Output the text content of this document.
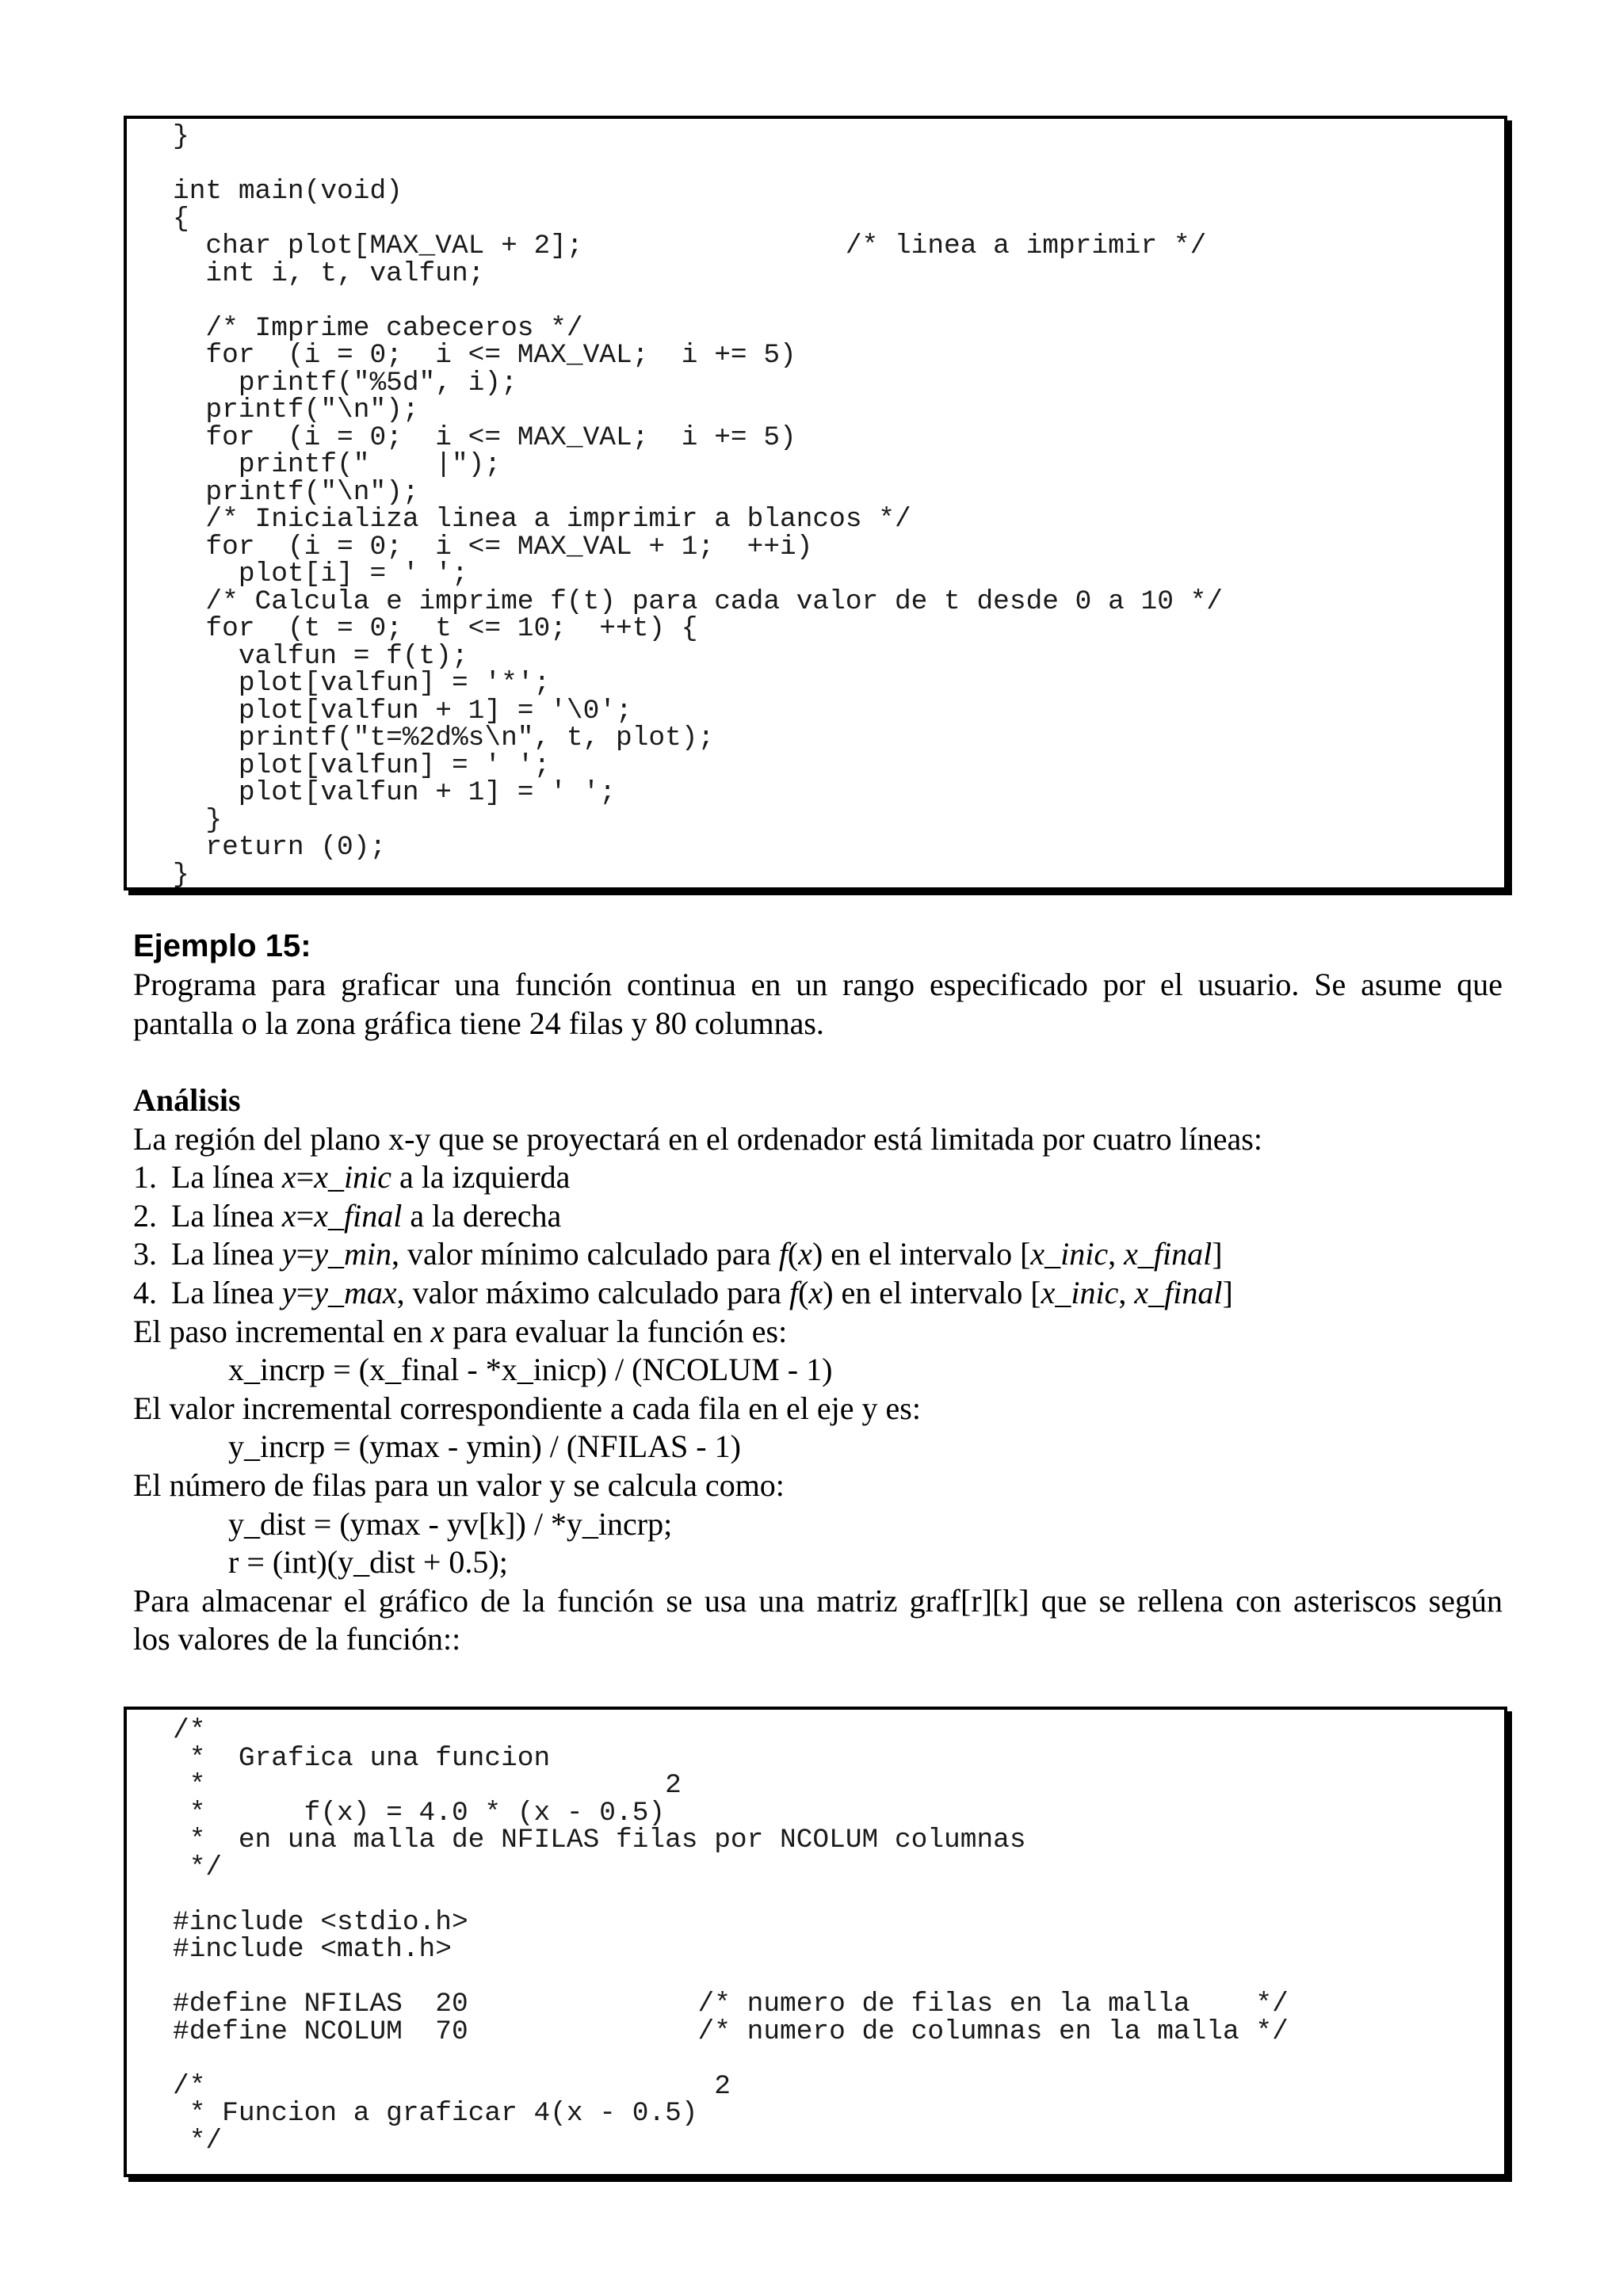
}

int main(void)
{
char plot[MAX_VAL + 2];                /* linea a imprimir */
int i, t, valfun;

/* Imprime cabeceros */
for  (i = 0;  i <= MAX_VAL;  i += 5)
printf("%5d", i);
printf("\n");
for  (i = 0;  i <= MAX_VAL;  i += 5)
printf("    |");
printf("\n");
/* Inicializa linea a imprimir a blancos */
for  (i = 0;  i <= MAX_VAL + 1;  ++i)
plot[i] = ' ';
/* Calcula e imprime f(t) para cada valor de t desde 0 a 10 */
for  (t = 0;  t <= 10;  ++t) {
valfun = f(t);
plot[valfun] = '*';
plot[valfun + 1] = '\0';
printf("t=%2d%s\n", t, plot);
plot[valfun] = ' ';
plot[valfun + 1] = ' ';
}
return (0);
}
Ejemplo 15:
Programa para graficar una función continua en un rango especificado por el usuario. Se asume que
pantalla o la zona gráfica tiene 24 filas y 80 columnas.
Análisis
La región del plano x-y que se proyectará en el ordenador está limitada por cuatro líneas:
1. La línea x=x_inic a la izquierda
2. La línea x=x_final a la derecha
3. La línea y=y_min, valor mínimo calculado para f(x) en el intervalo [x_inic, x_final]
4. La línea y=y_max, valor máximo calculado para f(x) en el intervalo [x_inic, x_final]
El paso incremental en x para evaluar la función es:
x_incrp = (x_final - *x_inicp) / (NCOLUM - 1)
El valor incremental correspondiente a cada fila en el eje y es:
y_incrp = (ymax - ymin) / (NFILAS - 1)
El número de filas para un valor y se calcula como:
y_dist = (ymax - yv[k]) / *y_incrp;
r = (int)(y_dist + 0.5);
Para almacenar el gráfico de la función se usa una matriz graf[r][k] que se rellena con asteriscos según
los valores de la función::
/*
*  Grafica una funcion
*                            2
*      f(x) = 4.0 * (x - 0.5)
*  en una malla de NFILAS filas por NCOLUM columnas
*/

#include <stdio.h>
#include <math.h>

#define NFILAS  20              /* numero de filas en la malla    */
#define NCOLUM  70              /* numero de columnas en la malla */

/*                               2
* Funcion a graficar 4(x - 0.5)
*/
